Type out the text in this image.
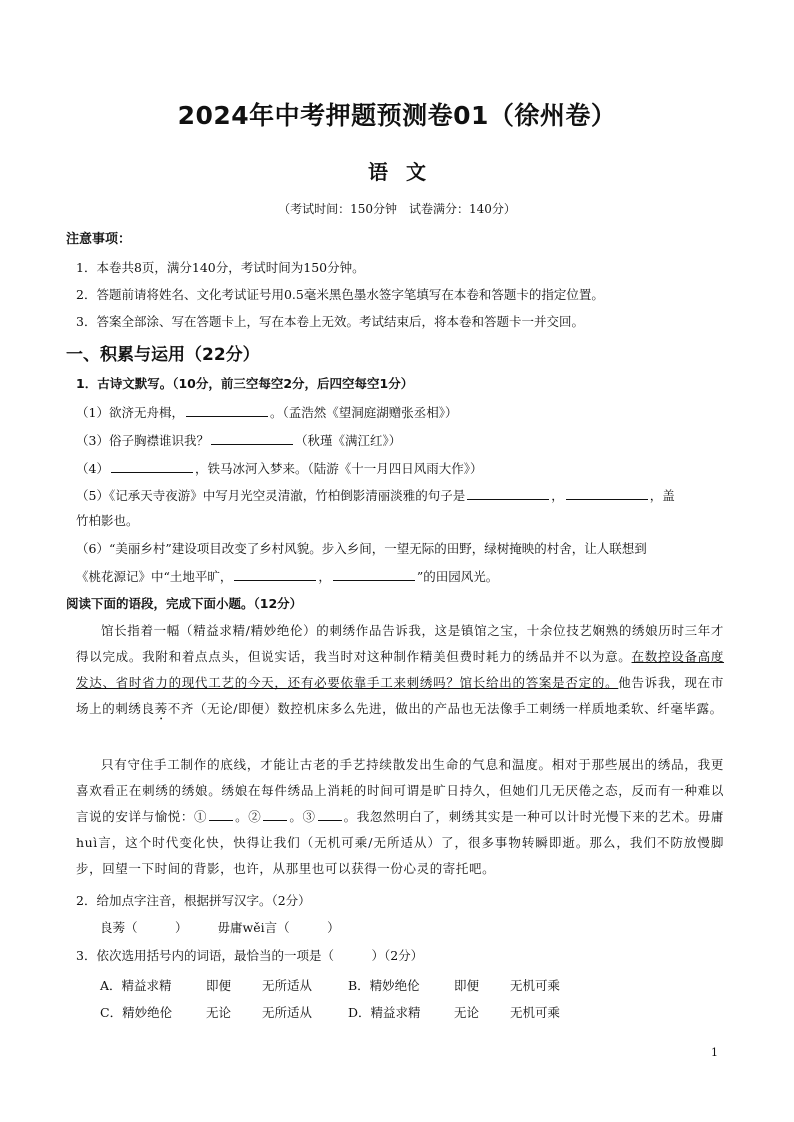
2024年中考押题预测卷01（徐州卷）
语文
（考试时间：150分钟　试卷满分：140分）
注意事项：
1．本卷共8页，满分140分，考试时间为150分钟。
2．答题前请将姓名、文化考试证号用0.5毫米黑色墨水签字笔填写在本卷和答题卡的指定位置。
3．答案全部涂、写在答题卡上，写在本卷上无效。考试结束后，将本卷和答题卡一并交回。
一、积累与运用（22分）
1．古诗文默写。（10分，前三空每空2分，后四空每空1分）
（1）欲济无舟楫，	。（孟浩然《望洞庭湖赠张丞相》）
（3）俗子胸襟谁识我？	（秋瑾《满江红》）
（4）	，铁马冰河入梦来。（陆游《十一月四日风雨大作》）
（5）《记承天寺夜游》中写月光空灵清澈，竹柏倒影清丽淡雅的句子是	，	，盖
竹柏影也。
（6）“美丽乡村”建设项目改变了乡村风貌。步入乡间，一望无际的田野，绿树掩映的村舍，让人联想到
《桃花源记》中“土地平旷，	，	”的田园风光。
阅读下面的语段，完成下面小题。（12分）
馆长指着一幅（精益求精/精妙绝伦）的刺绣作品告诉我，这是镇馆之宝，十余位技艺娴熟的绣娘历时三年才得以完成。我附和着点点头，但说实话，我当时对这种制作精美但费时耗力的绣品并不以为意。在数控设备高度发达、省时省力的现代工艺的今天，还有必要依靠手工来刺绣吗？馆长给出的答案是否定的。他告诉我，现在市场上的刺绣良莠不齐（无论/即便）数控机床多么先进，做出的产品也无法像手工刺绣一样质地柔软、纤毫毕露。
只有守住手工制作的底线，才能让古老的手艺持续散发出生命的气息和温度。相对于那些展出的绣品，我更喜欢看正在刺绣的绣娘。绣娘在每件绣品上消耗的时间可谓是旷日持久，但她们几无厌倦之态，反而有一种难以言说的安详与愉悦：① 。② 。③ 。我忽然明白了，刺绣其实是一种可以计时光慢下来的艺术。毋庸huì言，这个时代变化快，快得让我们（无机可乘/无所适从）了，很多事物转瞬即逝。那么，我们不防放慢脚步，回望一下时间的背影，也许，从那里也可以获得一份心灵的寄托吧。
2．给加点字注音，根据拼写汉字。（2分）
良莠（　　　） 毋庸wěi言（　　　）
3．依次选用括号内的词语，最恰当的一项是（　　　）（2分）
A．精益求精	即便 无所适从	B．精妙绝伦	即便 无机可乘
C．精妙绝伦	无论 无所适从	D．精益求精	无论 无机可乘
1
